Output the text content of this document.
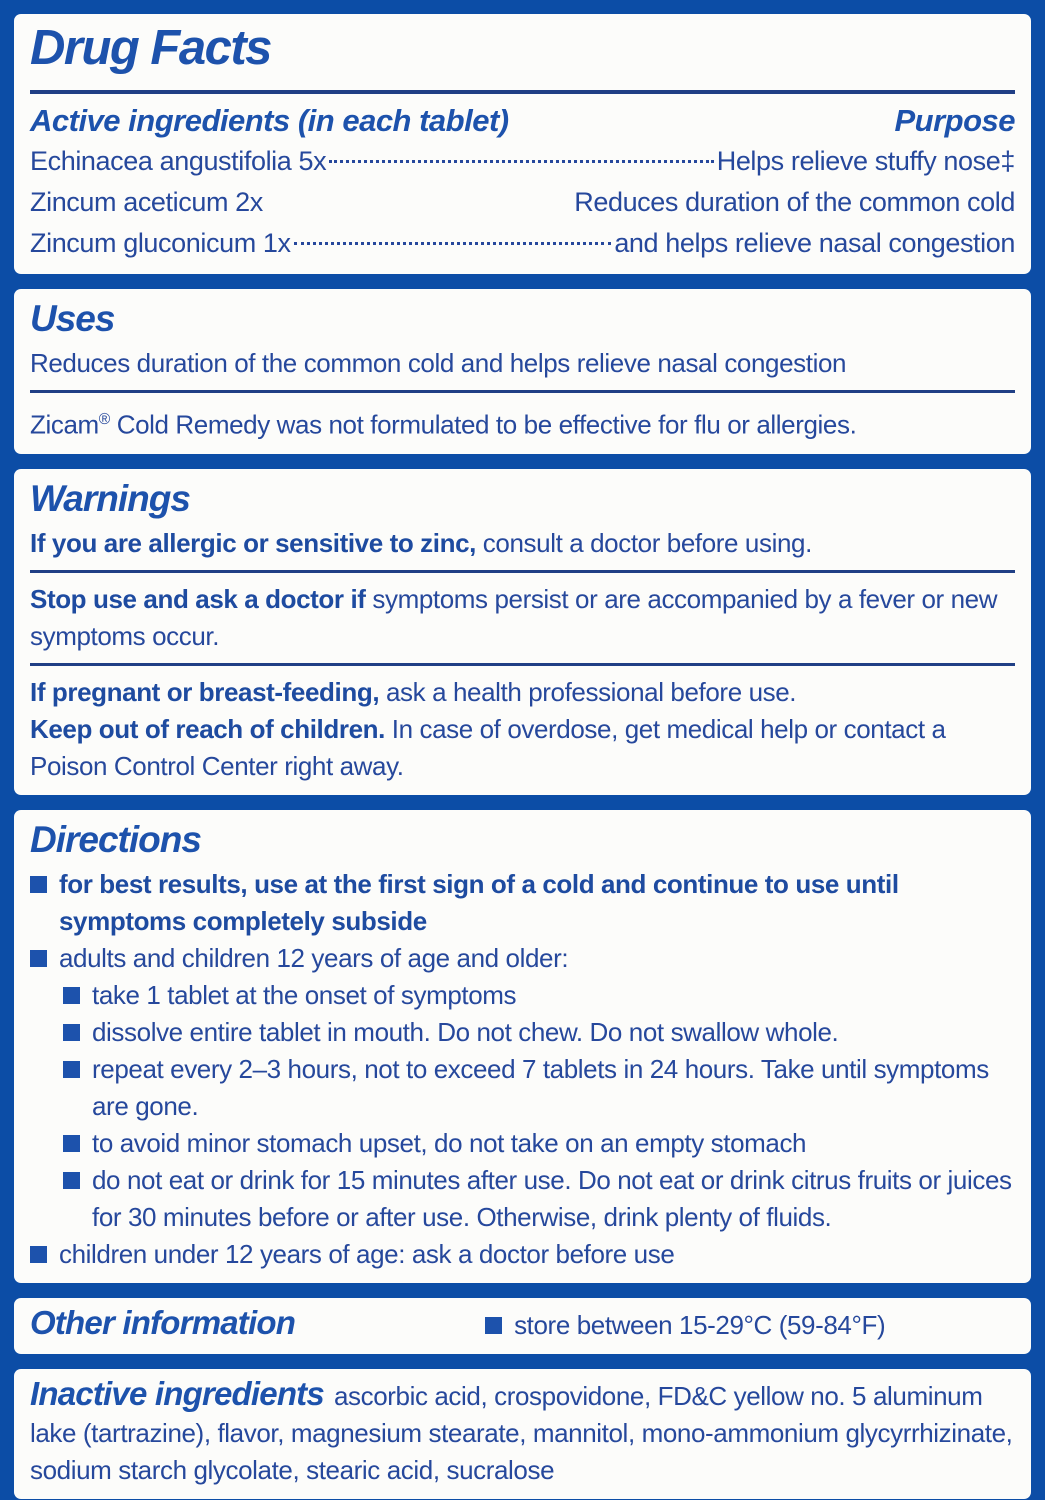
Drug Facts
Active ingredients (in each tablet)	Purpose
Echinacea angustifolia 5x	Helps relieve stuffy nose‡
Zincum aceticum 2x	Reduces duration of the common cold
Zincum gluconicum 1x	and helps relieve nasal congestion
Uses

Reduces duration of the common cold and helps relieve nasal congestion

Zicam® Cold Remedy was not formulated to be effective for flu or allergies.

Warnings

If you are allergic or sensitive to zinc, consult a doctor before using.

Stop use and ask a doctor if symptoms persist or are accompanied by a fever or new symptoms occur.

If pregnant or breast-feeding, ask a health professional before use.

Keep out of reach of children. In case of overdose, get medical help or contact a Poison Control Center right away.

Directions
for best results, use at the first sign of a cold and continue to use until symptoms completely subside
adults and children 12 years of age and older:
take 1 tablet at the onset of symptoms
dissolve entire tablet in mouth. Do not chew. Do not swallow whole.
repeat every 2–3 hours, not to exceed 7 tablets in 24 hours. Take until symptoms are gone.
to avoid minor stomach upset, do not take on an empty stomach
do not eat or drink for 15 minutes after use. Do not eat or drink citrus fruits or juices for 30 minutes before or after use. Otherwise, drink plenty of fluids.
children under 12 years of age: ask a doctor before use
Other information	store between 15-29°C (59-84°F)

Inactive ingredients ascorbic acid, crospovidone, FD&C yellow no. 5 aluminum lake (tartrazine), flavor, magnesium stearate, mannitol, mono-ammonium glycyrrhizinate, sodium starch glycolate, stearic acid, sucralose
